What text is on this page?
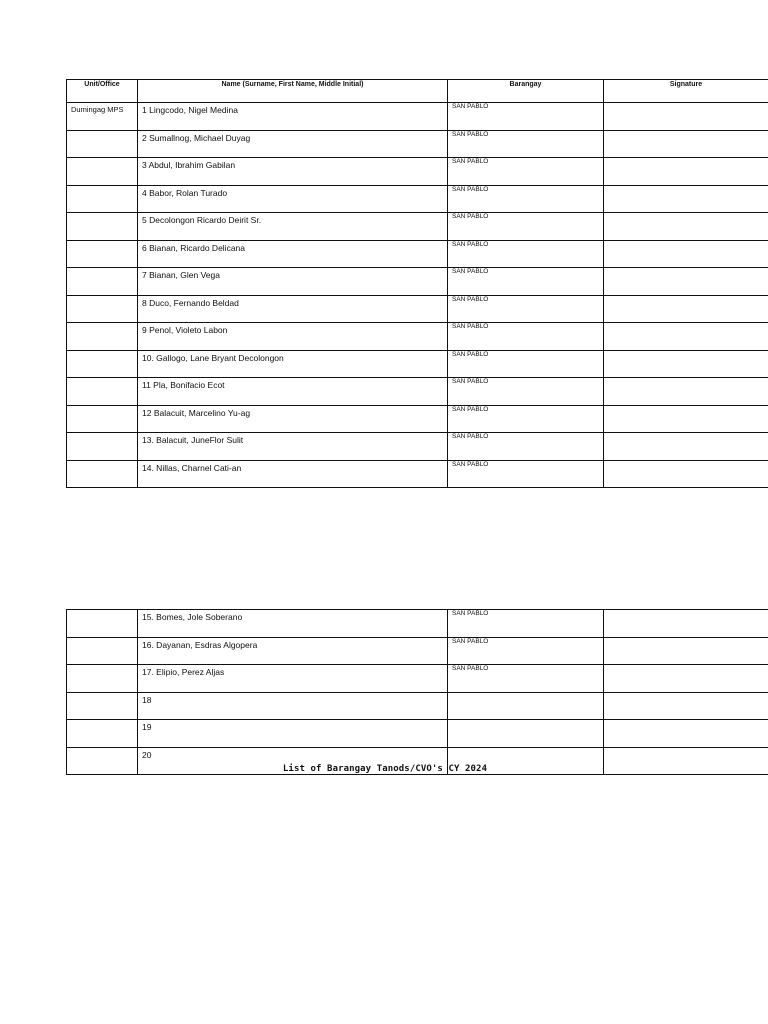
Unit/Office	Name (Surname, First Name, Middle Initial)	Barangay	Signature
Dumingag MPS	1 Lingcodo, Nigel Medina	SAN PABLO	
	2 Sumallnog, Michael Duyag	SAN PABLO	
	3 Abdul, Ibrahim Gabilan	SAN PABLO	
	4 Babor, Rolan Turado	SAN PABLO	
	5 Decolongon Ricardo Deirit Sr.	SAN PABLO	
	6 Bianan, Ricardo Delicana	SAN PABLO	
	7 Bianan, Glen Vega	SAN PABLO	
	8 Duco, Fernando Beldad	SAN PABLO	
	9 Penol, Violeto Labon	SAN PABLO	
	10. Gallogo, Lane Bryant Decolongon	SAN PABLO	
	11 Pla, Bonifacio Ecot	SAN PABLO	
	12 Balacuit, Marcelino Yu-ag	SAN PABLO	
	13. Balacuit, JuneFlor Sulit	SAN PABLO	
	14. Nillas, Charnel Cati-an	SAN PABLO	
	15. Bomes, Jole Soberano	SAN PABLO	
	16. Dayanan, Esdras Algopera	SAN PABLO	
	17. Elipio, Perez Aljas	SAN PABLO	
	18		
	19		
	20		
List of Barangay Tanods/CVO's CY 2024
